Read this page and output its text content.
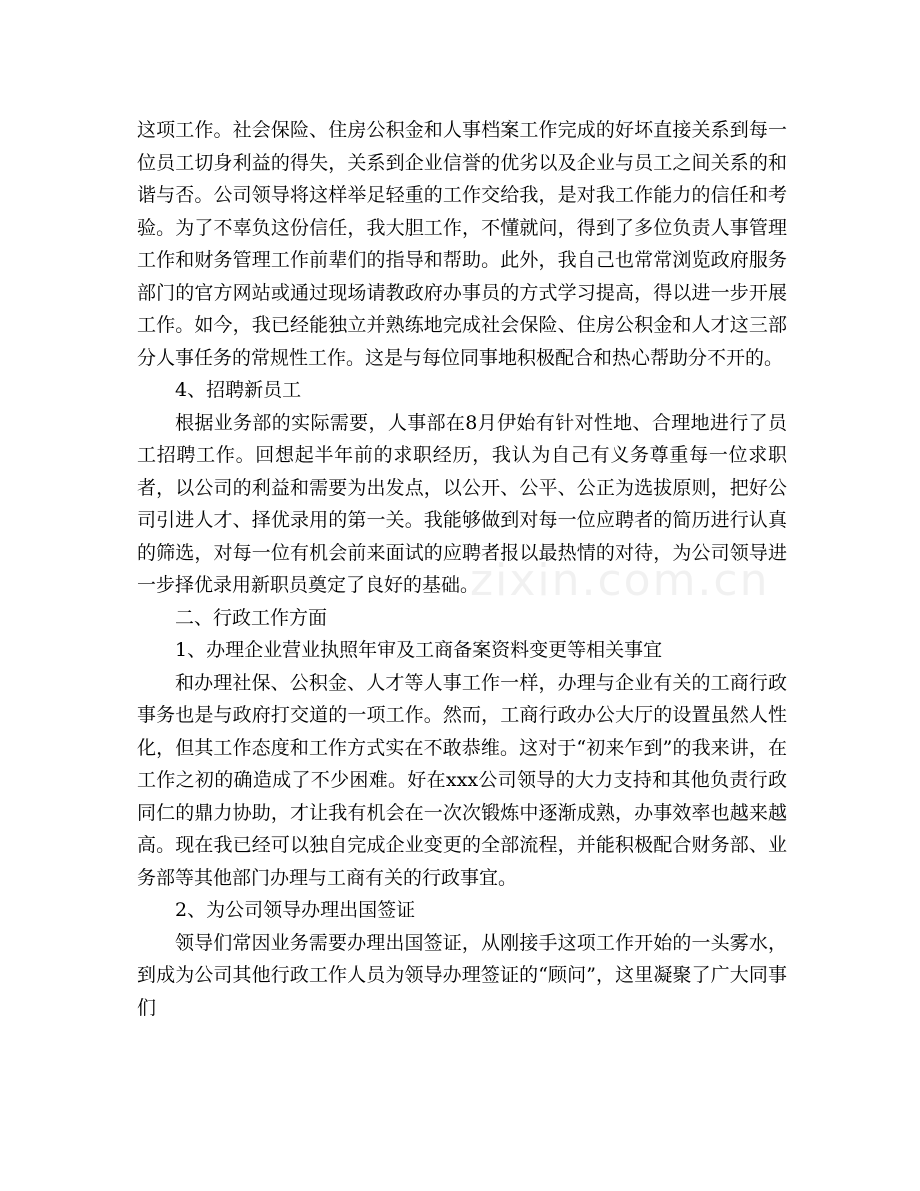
zixin.com.cn

这项工作。社会保险、住房公积金和人事档案工作完成的好坏直接关系到每一位员工切身利益的得失，关系到企业信誉的优劣以及企业与员工之间关系的和谐与否。公司领导将这样举足轻重的工作交给我，是对我工作能力的信任和考验。为了不辜负这份信任，我大胆工作，不懂就问，得到了多位负责人事管理工作和财务管理工作前辈们的指导和帮助。此外，我自己也常常浏览政府服务部门的官方网站或通过现场请教政府办事员的方式学习提高，得以进一步开展工作。如今，我已经能独立并熟练地完成社会保险、住房公积金和人才这三部分人事任务的常规性工作。这是与每位同事地积极配合和热心帮助分不开的。

4、招聘新员工

根据业务部的实际需要，人事部在8月伊始有针对性地、合理地进行了员工招聘工作。回想起半年前的求职经历，我认为自己有义务尊重每一位求职者，以公司的利益和需要为出发点，以公开、公平、公正为选拔原则，把好公司引进人才、择优录用的第一关。我能够做到对每一位应聘者的简历进行认真的筛选，对每一位有机会前来面试的应聘者报以最热情的对待，为公司领导进一步择优录用新职员奠定了良好的基础。

二、行政工作方面

1、办理企业营业执照年审及工商备案资料变更等相关事宜

和办理社保、公积金、人才等人事工作一样，办理与企业有关的工商行政事务也是与政府打交道的一项工作。然而，工商行政办公大厅的设置虽然人性化，但其工作态度和工作方式实在不敢恭维。这对于“初来乍到”的我来讲，在工作之初的确造成了不少困难。好在xxx公司领导的大力支持和其他负责行政同仁的鼎力协助，才让我有机会在一次次锻炼中逐渐成熟，办事效率也越来越高。现在我已经可以独自完成企业变更的全部流程，并能积极配合财务部、业务部等其他部门办理与工商有关的行政事宜。

2、为公司领导办理出国签证

领导们常因业务需要办理出国签证，从刚接手这项工作开始的一头雾水，到成为公司其他行政工作人员为领导办理签证的“顾问”，这里凝聚了广大同事们
